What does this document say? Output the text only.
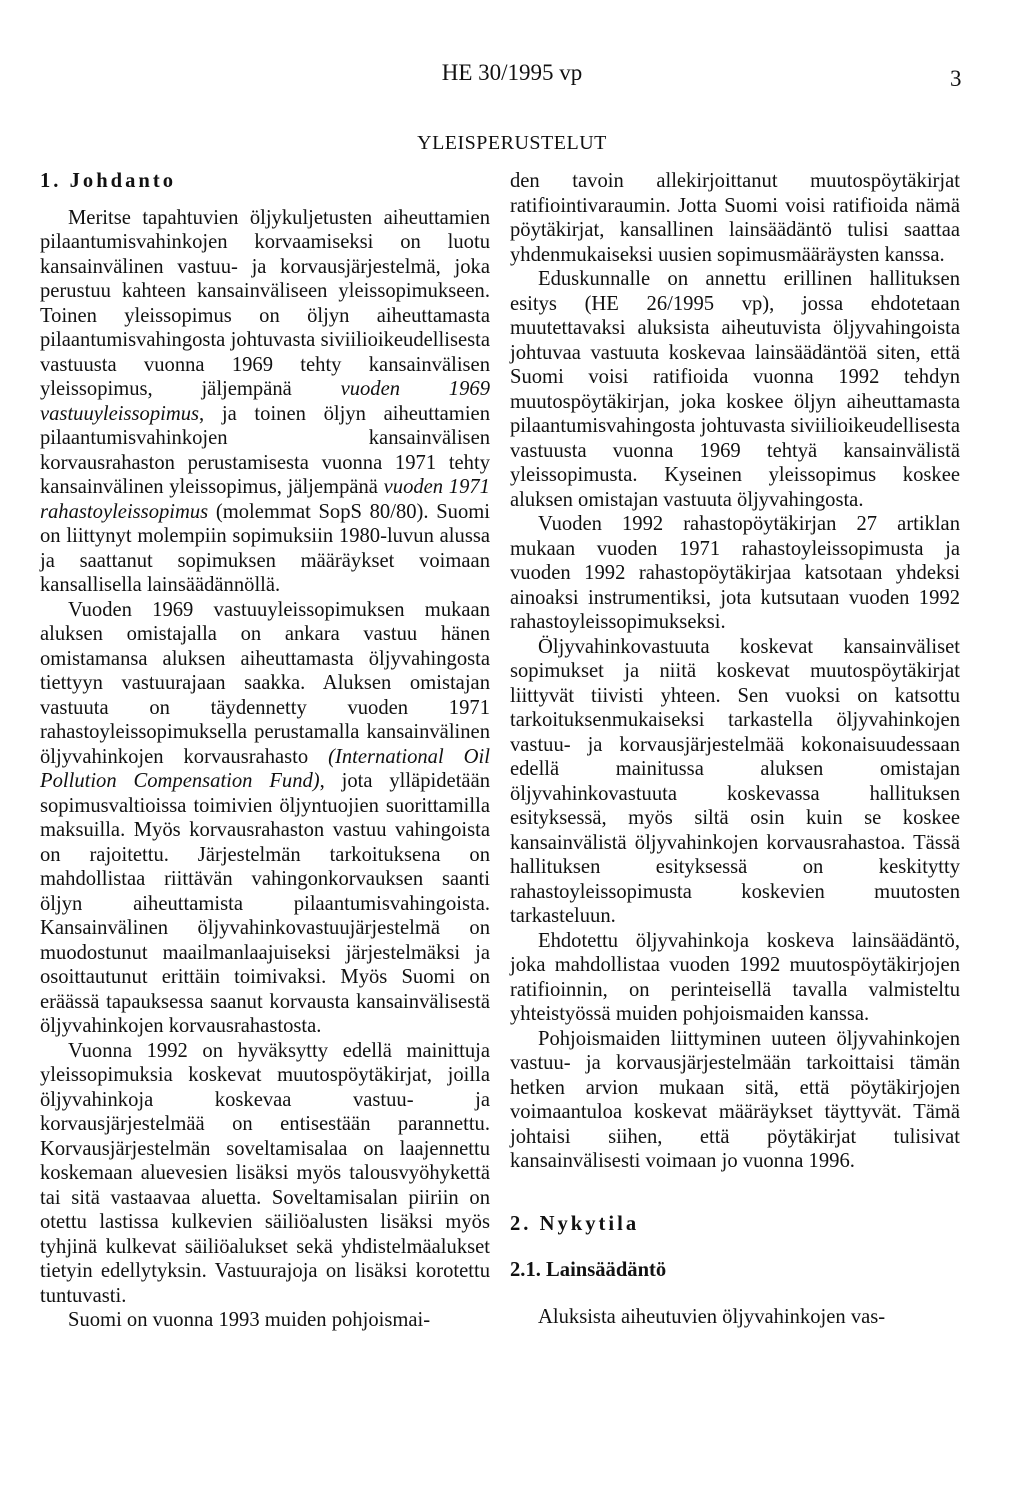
HE 30/1995 vp	3
YLEISPERUSTELUT
1. Johdanto

Meritse tapahtuvien öljykuljetusten aiheuttamien pilaantumisvahinkojen korvaamiseksi on luotu kansainvälinen vastuu- ja korvausjärjestelmä, joka perustuu kahteen kansainväliseen yleissopimukseen. Toinen yleissopimus on öljyn aiheuttamasta pilaantumisvahingosta johtuvasta siviilioikeudellisesta vastuusta vuonna 1969 tehty kansainvälisen yleissopimus, jäljempänä vuoden 1969 vastuuyleissopimus, ja toinen öljyn aiheuttamien pilaantumisvahinkojen kansainvälisen korvausrahaston perustamisesta vuonna 1971 tehty kansainvälinen yleissopimus, jäljempänä vuoden 1971 rahastoyleissopimus (molemmat SopS 80/80). Suomi on liittynyt molempiin sopimuksiin 1980-luvun alussa ja saattanut sopimuksen määräykset voimaan kansallisella lainsäädännöllä.

Vuoden 1969 vastuuyleissopimuksen mukaan aluksen omistajalla on ankara vastuu hänen omistamansa aluksen aiheuttamasta öljyvahingosta tiettyyn vastuurajaan saakka. Aluksen omistajan vastuuta on täydennetty vuoden 1971 rahastoyleissopimuksella perustamalla kansainvälinen öljyvahinkojen korvausrahasto (International Oil Pollution Compensation Fund), jota ylläpidetään sopimusvaltioissa toimivien öljyntuojien suorittamilla maksuilla. Myös korvausrahaston vastuu vahingoista on rajoitettu. Järjestelmän tarkoituksena on mahdollistaa riittävän vahingonkorvauksen saanti öljyn aiheuttamista pilaantumisvahingoista. Kansainvälinen öljyvahinkovastuujärjestelmä on muodostunut maailmanlaajuiseksi järjestelmäksi ja osoittautunut erittäin toimivaksi. Myös Suomi on eräässä tapauksessa saanut korvausta kansainvälisestä öljyvahinkojen korvausrahastosta.

Vuonna 1992 on hyväksytty edellä mainittuja yleissopimuksia koskevat muutospöytäkirjat, joilla öljyvahinkoja koskevaa vastuu- ja korvausjärjestelmää on entisestään parannettu. Korvausjärjestelmän soveltamisalaa on laajennettu koskemaan aluevesien lisäksi myös talousvyöhykettä tai sitä vastaavaa aluetta. Soveltamisalan piiriin on otettu lastissa kulkevien säiliöalusten lisäksi myös tyhjinä kulkevat säiliöalukset sekä yhdistelmäalukset tietyin edellytyksin. Vastuurajoja on lisäksi korotettu tuntuvasti.

Suomi on vuonna 1993 muiden pohjoismai-

den tavoin allekirjoittanut muutospöytäkirjat ratifiointivaraumin. Jotta Suomi voisi ratifioida nämä pöytäkirjat, kansallinen lainsäädäntö tulisi saattaa yhdenmukaiseksi uusien sopimusmääräysten kanssa.

Eduskunnalle on annettu erillinen hallituksen esitys (HE 26/1995 vp), jossa ehdotetaan muutettavaksi aluksista aiheutuvista öljyvahingoista johtuvaa vastuuta koskevaa lainsäädäntöä siten, että Suomi voisi ratifioida vuonna 1992 tehdyn muutospöytäkirjan, joka koskee öljyn aiheuttamasta pilaantumisvahingosta johtuvasta siviilioikeudellisesta vastuusta vuonna 1969 tehtyä kansainvälistä yleissopimusta. Kyseinen yleissopimus koskee aluksen omistajan vastuuta öljyvahingosta.

Vuoden 1992 rahastopöytäkirjan 27 artiklan mukaan vuoden 1971 rahastoyleissopimusta ja vuoden 1992 rahastopöytäkirjaa katsotaan yhdeksi ainoaksi instrumentiksi, jota kutsutaan vuoden 1992 rahastoyleissopimukseksi.

Öljyvahinkovastuuta koskevat kansainväliset sopimukset ja niitä koskevat muutospöytäkirjat liittyvät tiivisti yhteen. Sen vuoksi on katsottu tarkoituksenmukaiseksi tarkastella öljyvahinkojen vastuu- ja korvausjärjestelmää kokonaisuudessaan edellä mainitussa aluksen omistajan öljyvahinkovastuuta koskevassa hallituksen esityksessä, myös siltä osin kuin se koskee kansainvälistä öljyvahinkojen korvausrahastoa. Tässä hallituksen esityksessä on keskitytty rahastoyleissopimusta koskevien muutosten tarkasteluun.

Ehdotettu öljyvahinkoja koskeva lainsäädäntö, joka mahdollistaa vuoden 1992 muutospöytäkirjojen ratifioinnin, on perinteisellä tavalla valmisteltu yhteistyössä muiden pohjoismaiden kanssa.

Pohjoismaiden liittyminen uuteen öljyvahinkojen vastuu- ja korvausjärjestelmään tarkoittaisi tämän hetken arvion mukaan sitä, että pöytäkirjojen voimaantuloa koskevat määräykset täyttyvät. Tämä johtaisi siihen, että pöytäkirjat tulisivat kansainvälisesti voimaan jo vuonna 1996.

2. Nykytila
2.1. Lainsäädäntö

Aluksista aiheutuvien öljyvahinkojen vas-
